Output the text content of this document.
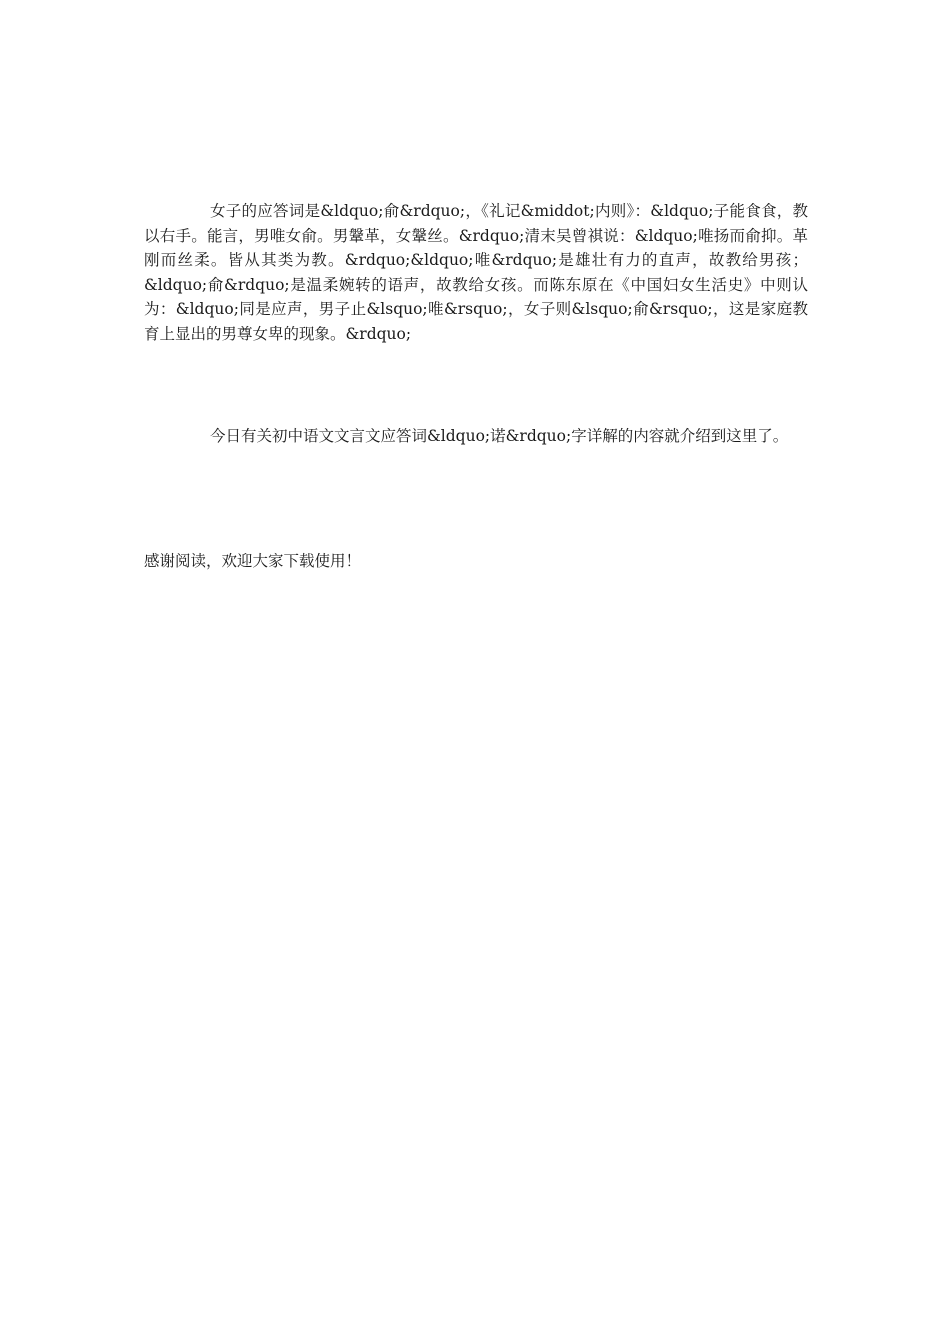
女子的应答词是&ldquo;俞&rdquo;，《礼记&middot;内则》：&ldquo;子能食食，教以右手。能言，男唯女俞。男鞶革，女鞶丝。&rdquo;清末吴曾祺说：&ldquo;唯扬而俞抑。革刚而丝柔。皆从其类为教。&rdquo;&ldquo;唯&rdquo;是雄壮有力的直声，故教给男孩；&ldquo;俞&rdquo;是温柔婉转的语声，故教给女孩。而陈东原在《中国妇女生活史》中则认为：&ldquo;同是应声，男子止&lsquo;唯&rsquo;，女子则&lsquo;俞&rsquo;，这是家庭教育上显出的男尊女卑的现象。&rdquo;

今日有关初中语文文言文应答词&ldquo;诺&rdquo;字详解的内容就介绍到这里了。

感谢阅读，欢迎大家下载使用！
